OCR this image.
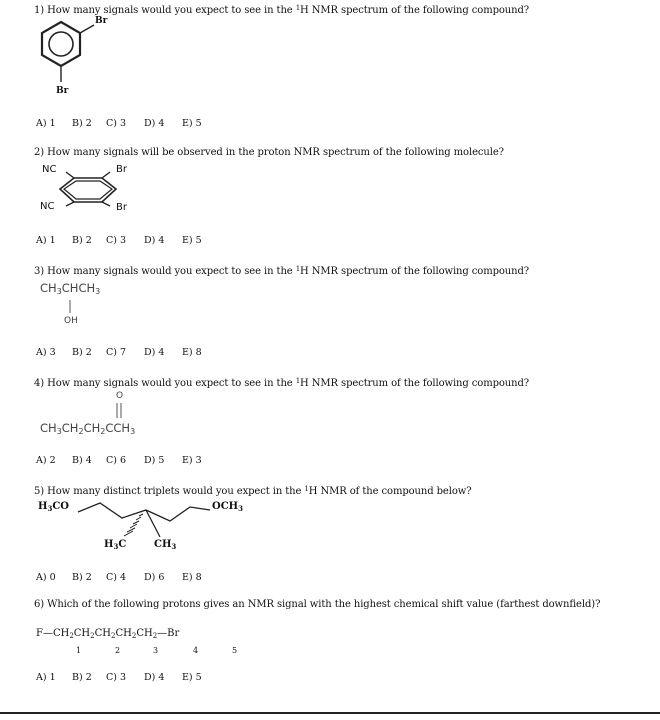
1) How many signals would you expect to see in the $^1$H NMR spectrum of the following compound?
Br
Br
A) 1 B) 2 C) 3 D) 4 E) 5
2) How many signals will be observed in the proton NMR spectrum of the following molecule?
NC	Br
NC	Br
A) 1 B) 2 C) 3 D) 4 E) 5
3) How many signals would you expect to see in the $^1$H NMR spectrum of the following compound?
$CH_3CHCH_3$
OH
A) 3 B) 2 C) 7 D) 4 E) 8
4) How many signals would you expect to see in the $^1$H NMR spectrum of the following compound?
O
$CH_3CH_2CH_2CCH_3$
A) 2 B) 4 C) 6 D) 5 E) 3
5) How many distinct triplets would you expect in the $^1$H NMR of the compound below?
$H_3CO$	$OCH_3$
$H_3C$	$CH_3$
A) 0 B) 2 C) 4 D) 6 E) 8
6) Which of the following protons gives an NMR signal with the highest chemical shift value (farthest downfield)?
$F—CH_2CH_2CH_2CH_2CH_2—Br$
1	2	3	4	5
A) 1 B) 2 C) 3 D) 4 E) 5
